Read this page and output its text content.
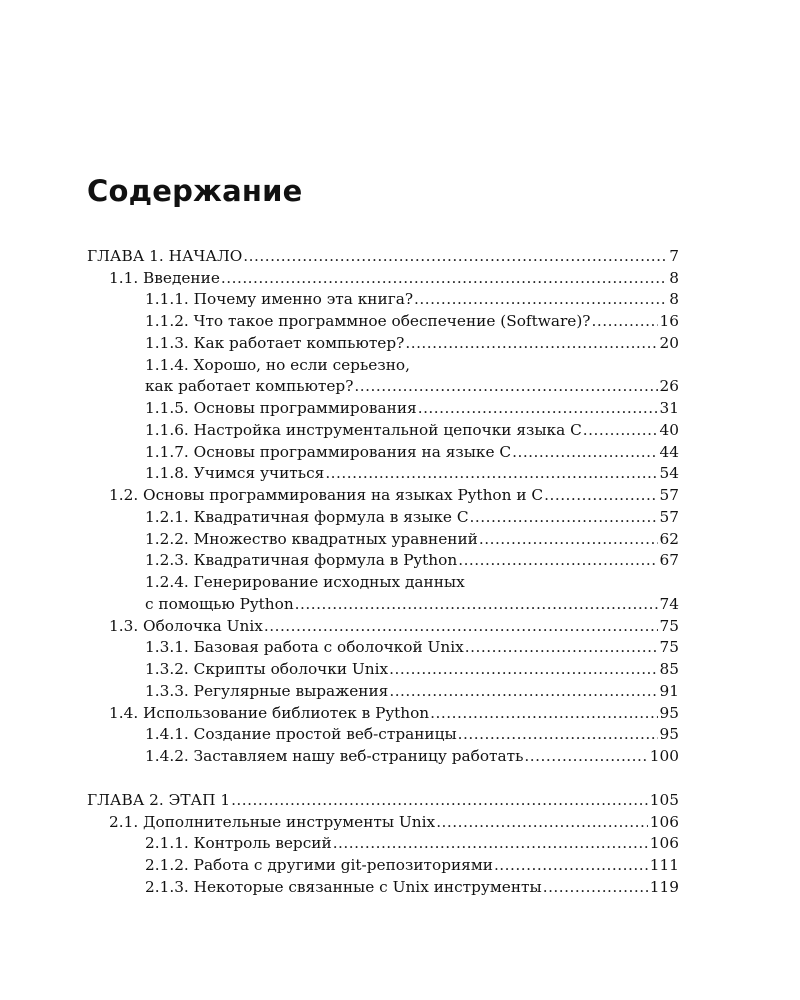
Содержание
ГЛАВА 1. НАЧАЛО .....	7
1.1. Введение .....	8
1.1.1. Почему именно эта книга? .....	8
1.1.2. Что такое программное обеспечение (Software)? .....	16
1.1.3. Как работает компьютер? .....	20
1.1.4. Хорошо, но если серьезно,
как работает компьютер? .....	26
1.1.5. Основы программирования .....	31
1.1.6. Настройка инструментальной цепочки языка C .....	40
1.1.7. Основы программирования на языке C .....	44
1.1.8. Учимся учиться .....	54
1.2. Основы программирования на языках Python и C .....	57
1.2.1. Квадратичная формула в языке C .....	57
1.2.2. Множество квадратных уравнений .....	62
1.2.3. Квадратичная формула в Python .....	67
1.2.4. Генерирование исходных данных
с помощью Python .....	74
1.3. Оболочка Unix .....	75
1.3.1. Базовая работа с оболочкой Unix .....	75
1.3.2. Скрипты оболочки Unix .....	85
1.3.3. Регулярные выражения .....	91
1.4. Использование библиотек в Python .....	95
1.4.1. Создание простой веб-страницы .....	95
1.4.2. Заставляем нашу веб-страницу работать .....	100
ГЛАВА 2. ЭТАП 1 .....	105
2.1. Дополнительные инструменты Unix .....	106
2.1.1. Контроль версий .....	106
2.1.2. Работа с другими git-репозиториями .....	111
2.1.3. Некоторые связанные с Unix инструменты .....	119
